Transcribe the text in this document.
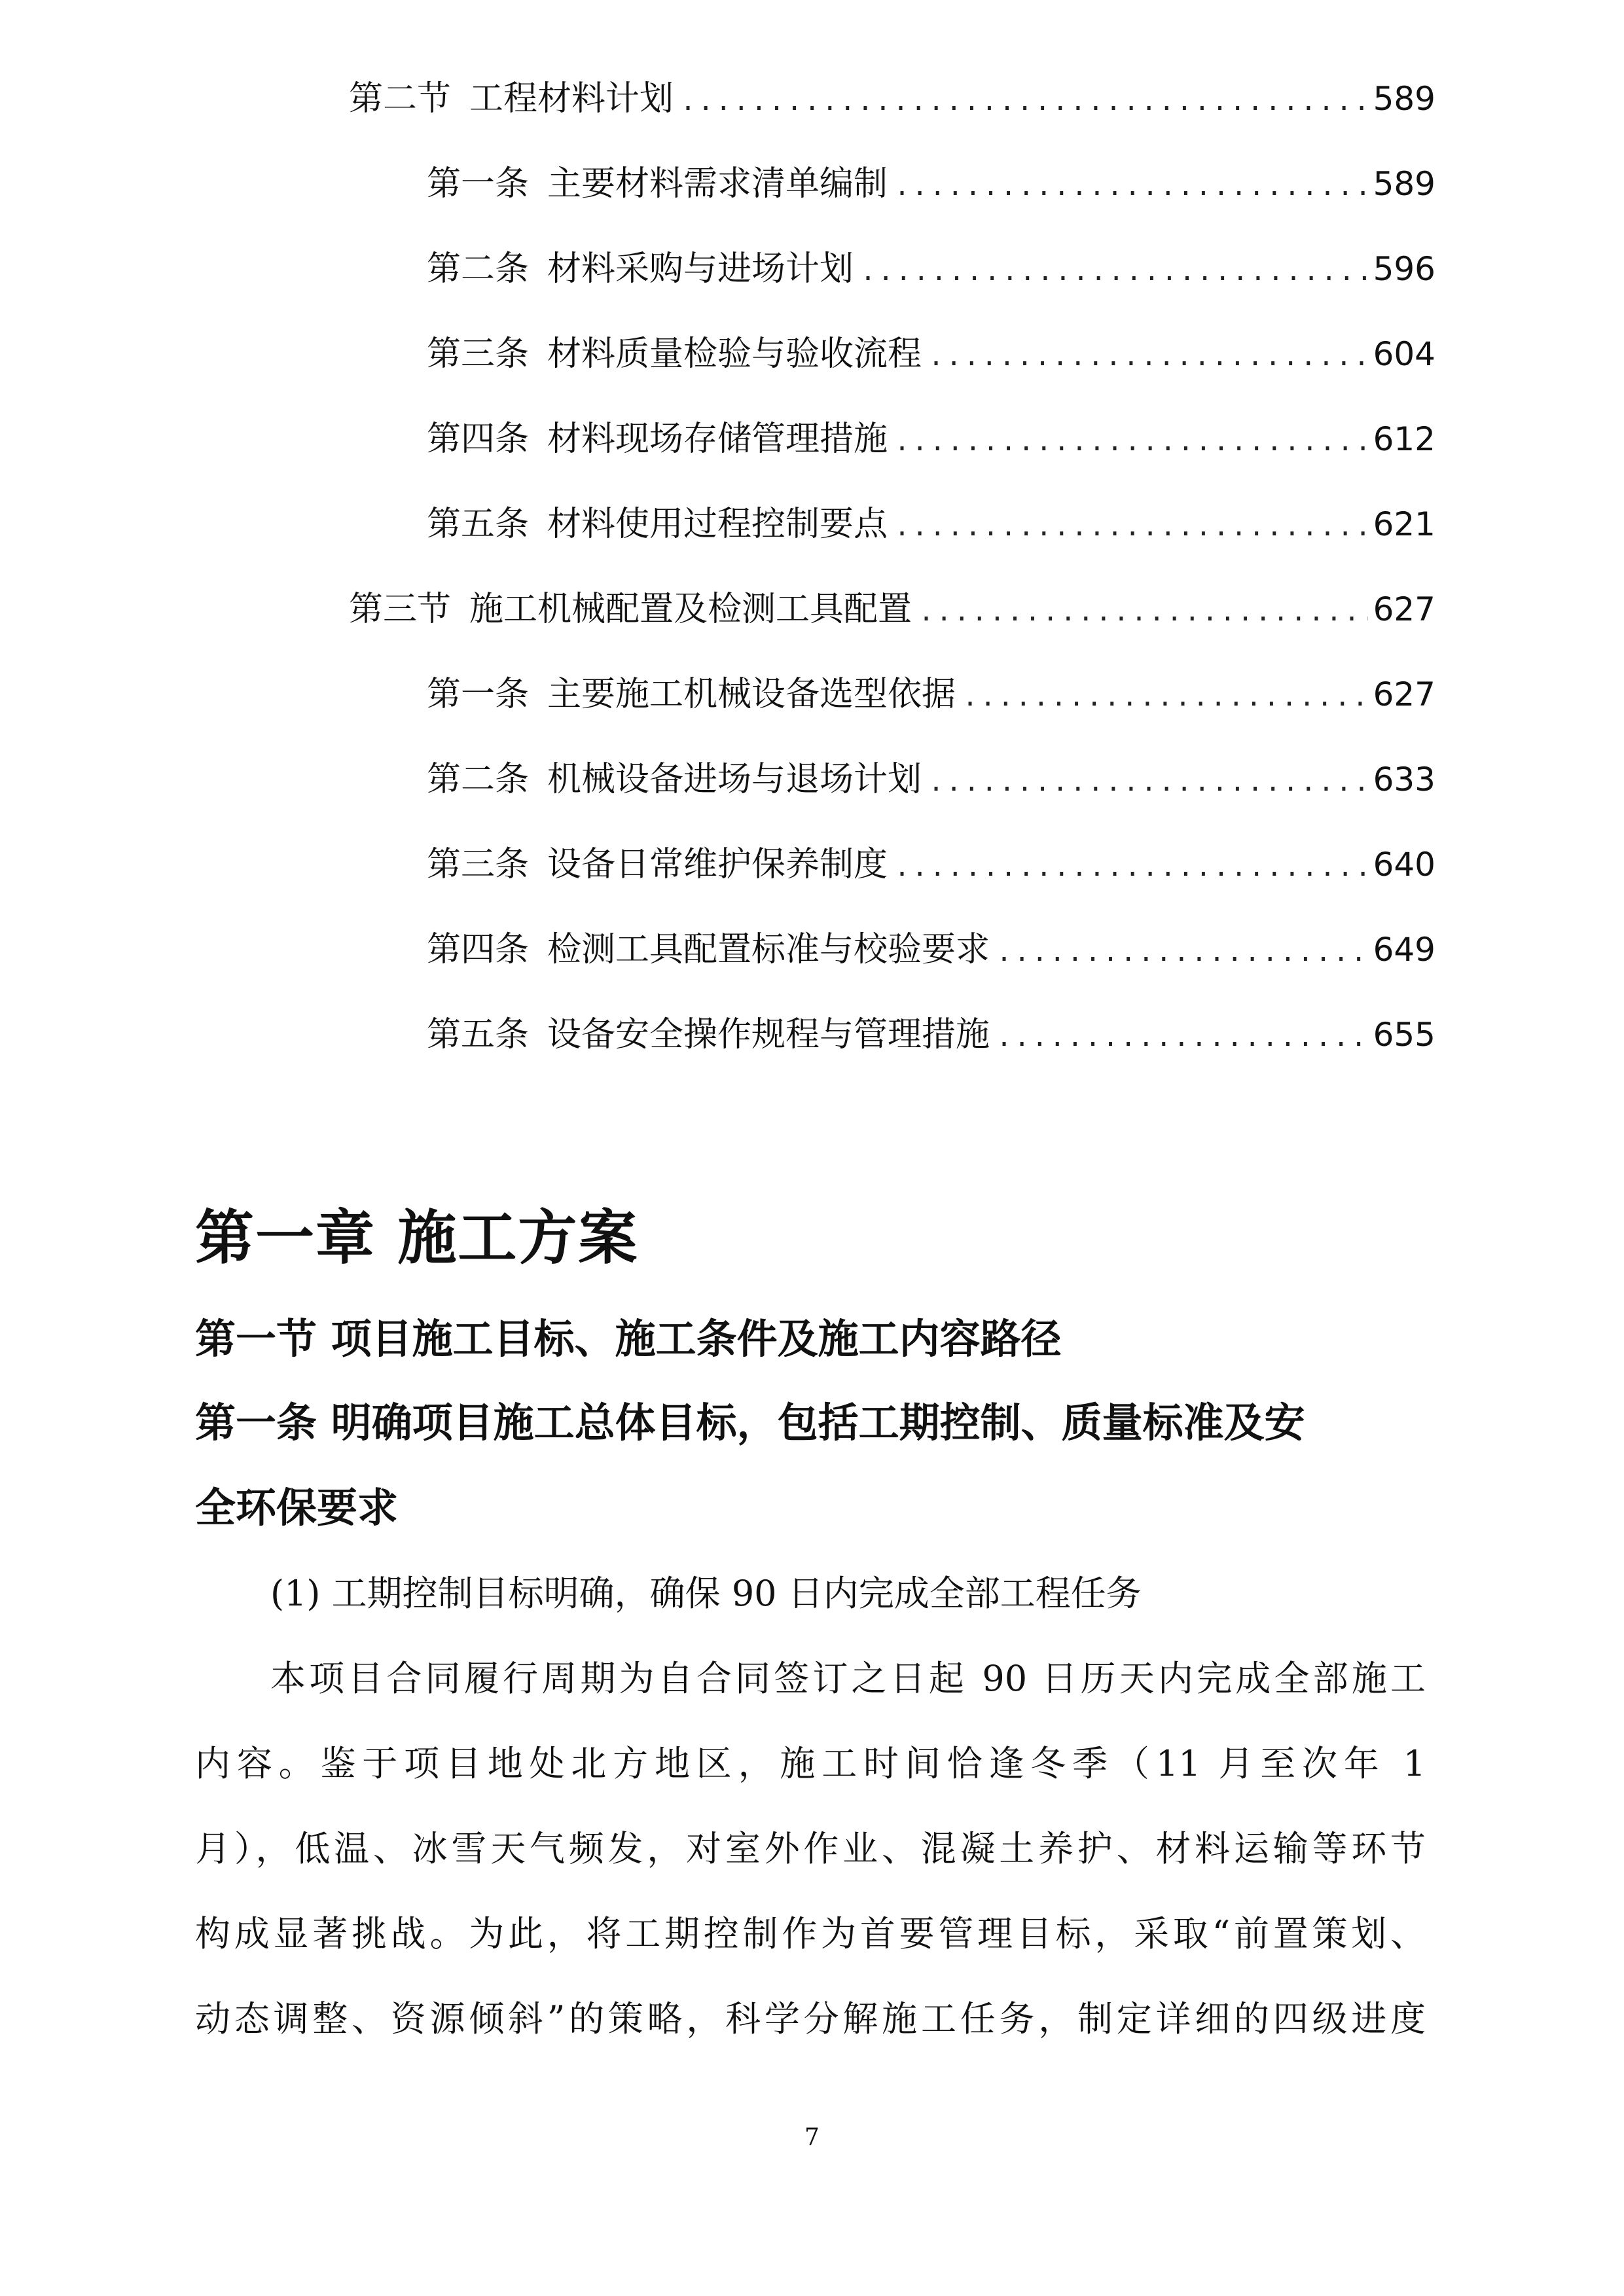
第二节 工程材料计划 .....	589
第一条 主要材料需求清单编制 .....	589
第二条 材料采购与进场计划 .....	596
第三条 材料质量检验与验收流程 .....	604
第四条 材料现场存储管理措施 .....	612
第五条 材料使用过程控制要点 .....	621
第三节 施工机械配置及检测工具配置 .....	627
第一条 主要施工机械设备选型依据 .....	627
第二条 机械设备进场与退场计划 .....	633
第三条 设备日常维护保养制度 .....	640
第四条 检测工具配置标准与校验要求 .....	649
第五条 设备安全操作规程与管理措施 .....	655
第一章 施工方案
第一节 项目施工目标、施工条件及施工内容路径
第一条 明确项目施工总体目标，包括工期控制、质量标准及安
全环保要求
(1) 工期控制目标明确，确保 90 日内完成全部工程任务
本项目合同履行周期为自合同签订之日起 90 日历天内完成全部施工
内容。鉴于项目地处北方地区，施工时间恰逢冬季（11 月至次年 1
月），低温、冰雪天气频发，对室外作业、混凝土养护、材料运输等环节
构成显著挑战。为此，将工期控制作为首要管理目标，采取“前置策划、
动态调整、资源倾斜”的策略，科学分解施工任务，制定详细的四级进度
7
